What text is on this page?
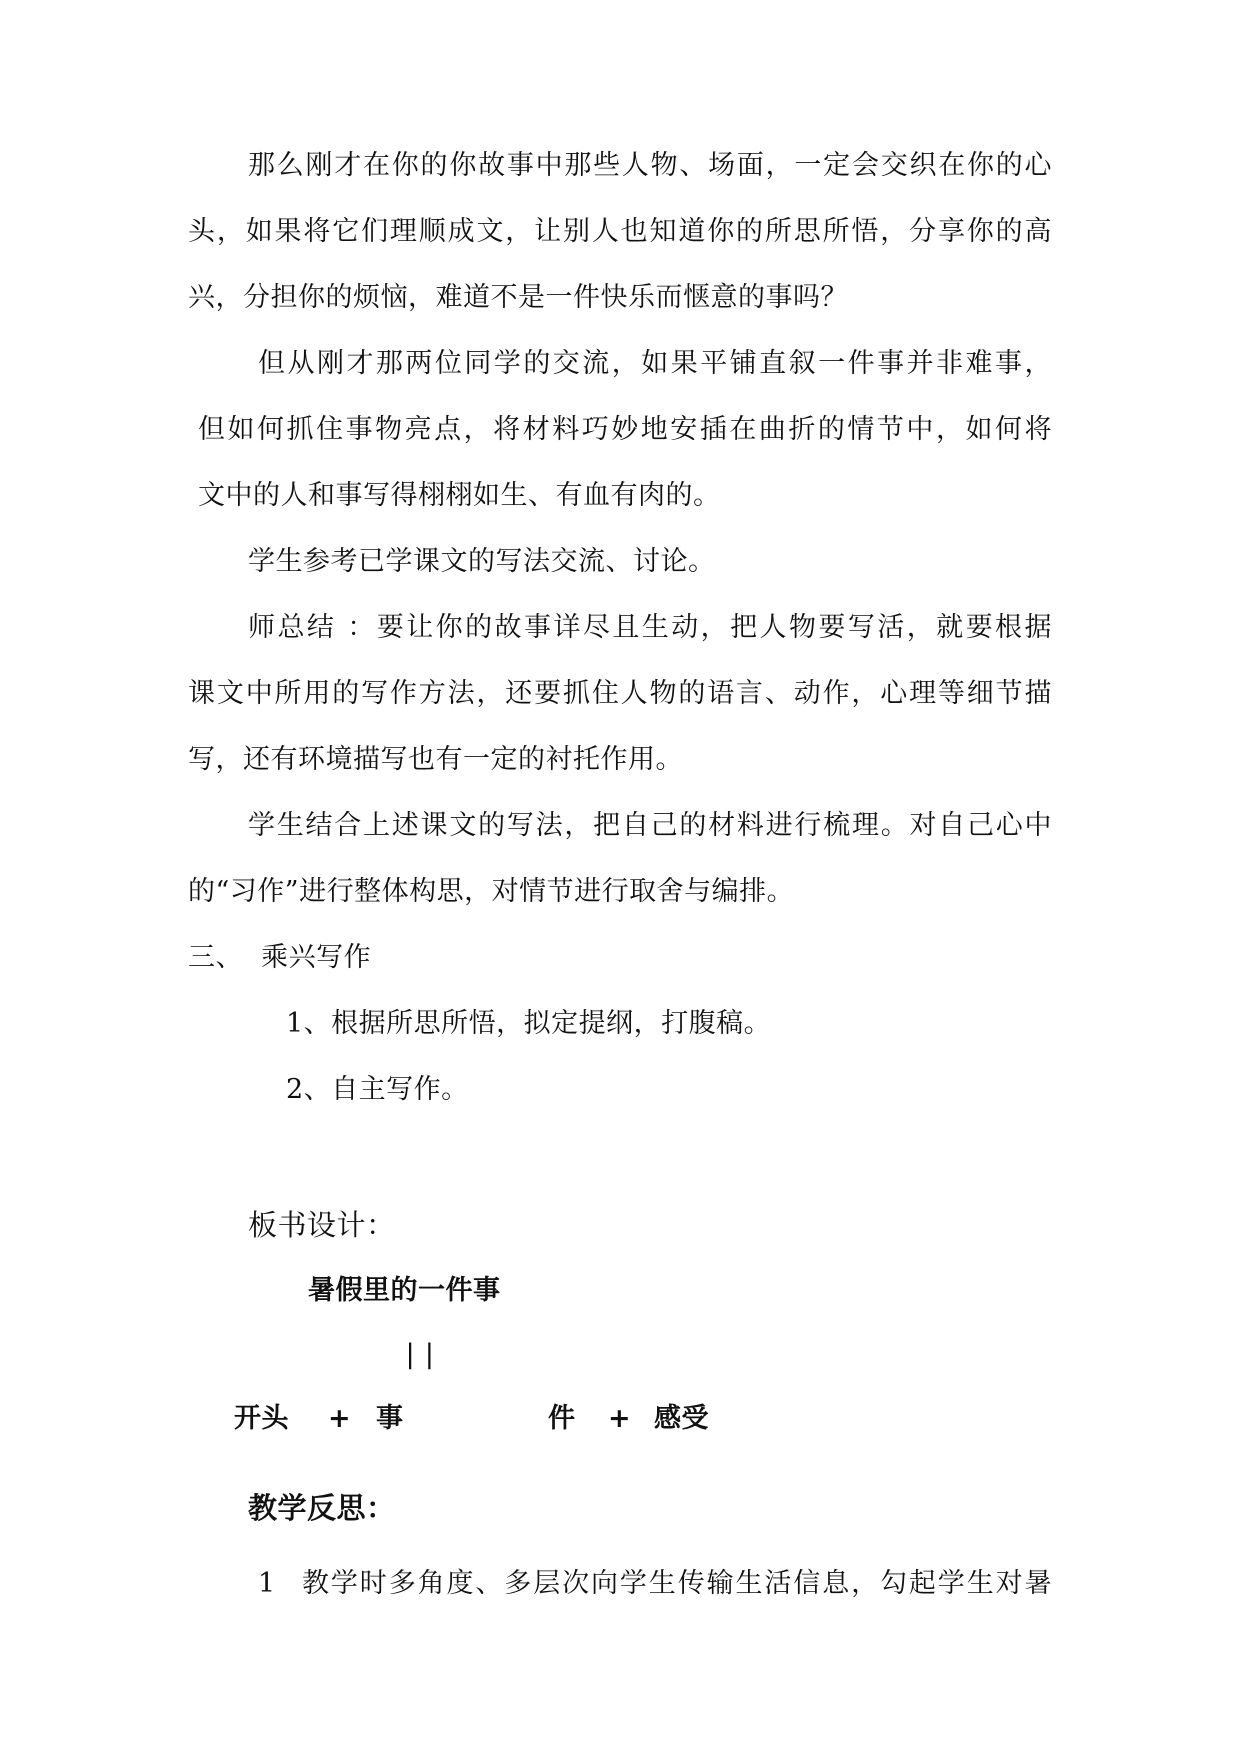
那么刚才在你的你故事中那些人物、场面，一定会交织在你的心
头，如果将它们理顺成文，让别人也知道你的所思所悟，分享你的高
兴，分担你的烦恼，难道不是一件快乐而惬意的事吗？
但从刚才那两位同学的交流，如果平铺直叙一件事并非难事，
但如何抓住事物亮点，将材料巧妙地安插在曲折的情节中，如何将
文中的人和事写得栩栩如生、有血有肉的。
学生参考已学课文的写法交流、讨论。
师总结 ：要让你的故事详尽且生动，把人物要写活，就要根据
课文中所用的写作方法，还要抓住人物的语言、动作，心理等细节描
写，还有环境描写也有一定的衬托作用。
学生结合上述课文的写法，把自己的材料进行梳理。对自己心中
的“习作”进行整体构思，对情节进行取舍与编排。
三、  乘兴写作
1、根据所思所悟，拟定提纲，打腹稿。
2、自主写作。
板书设计：
暑假里的一件事
||
开头 + 事	件 + 感受
教学反思：
1 教学时多角度、多层次向学生传输生活信息，勾起学生对暑
